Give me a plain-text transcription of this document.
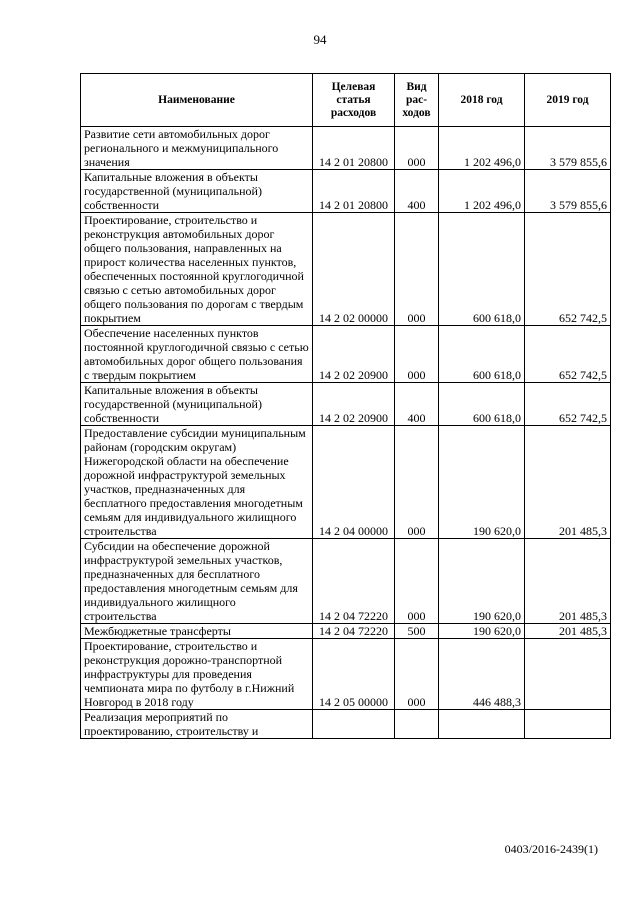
94
Наименование	Целевая статья расходов	Вид рас-ходов	2018 год	2019 год
Развитие сети автомобильных дорог регионального и межмуниципального значения	14 2 01 20800	000	1 202 496,0	3 579 855,6
Капитальные вложения в объекты государственной (муниципальной) собственности	14 2 01 20800	400	1 202 496,0	3 579 855,6
Проектирование, строительство и реконструкция автомобильных дорог общего пользования, направленных на прирост количества населенных пунктов, обеспеченных постоянной круглогодичной связью с сетью автомобильных дорог общего пользования по дорогам с твердым покрытием	14 2 02 00000	000	600 618,0	652 742,5
Обеспечение населенных пунктов постоянной круглогодичной связью с сетью автомобильных дорог общего пользования с твердым покрытием	14 2 02 20900	000	600 618,0	652 742,5
Капитальные вложения в объекты государственной (муниципальной) собственности	14 2 02 20900	400	600 618,0	652 742,5
Предоставление субсидии муниципальным районам (городским округам) Нижегородской области на обеспечение дорожной инфраструктурой земельных участков, предназначенных для бесплатного предоставления многодетным семьям для индивидуального жилищного строительства	14 2 04 00000	000	190 620,0	201 485,3
Субсидии на обеспечение дорожной инфраструктурой земельных участков, предназначенных для бесплатного предоставления многодетным семьям для индивидуального жилищного строительства	14 2 04 72220	000	190 620,0	201 485,3
Межбюджетные трансферты	14 2 04 72220	500	190 620,0	201 485,3
Проектирование, строительство и реконструкция дорожно-транспортной инфраструктуры для проведения чемпионата мира по футболу в г.Нижний Новгород в 2018 году	14 2 05 00000	000	446 488,3	
Реализация мероприятий по проектированию, строительству и				
0403/2016-2439(1)
